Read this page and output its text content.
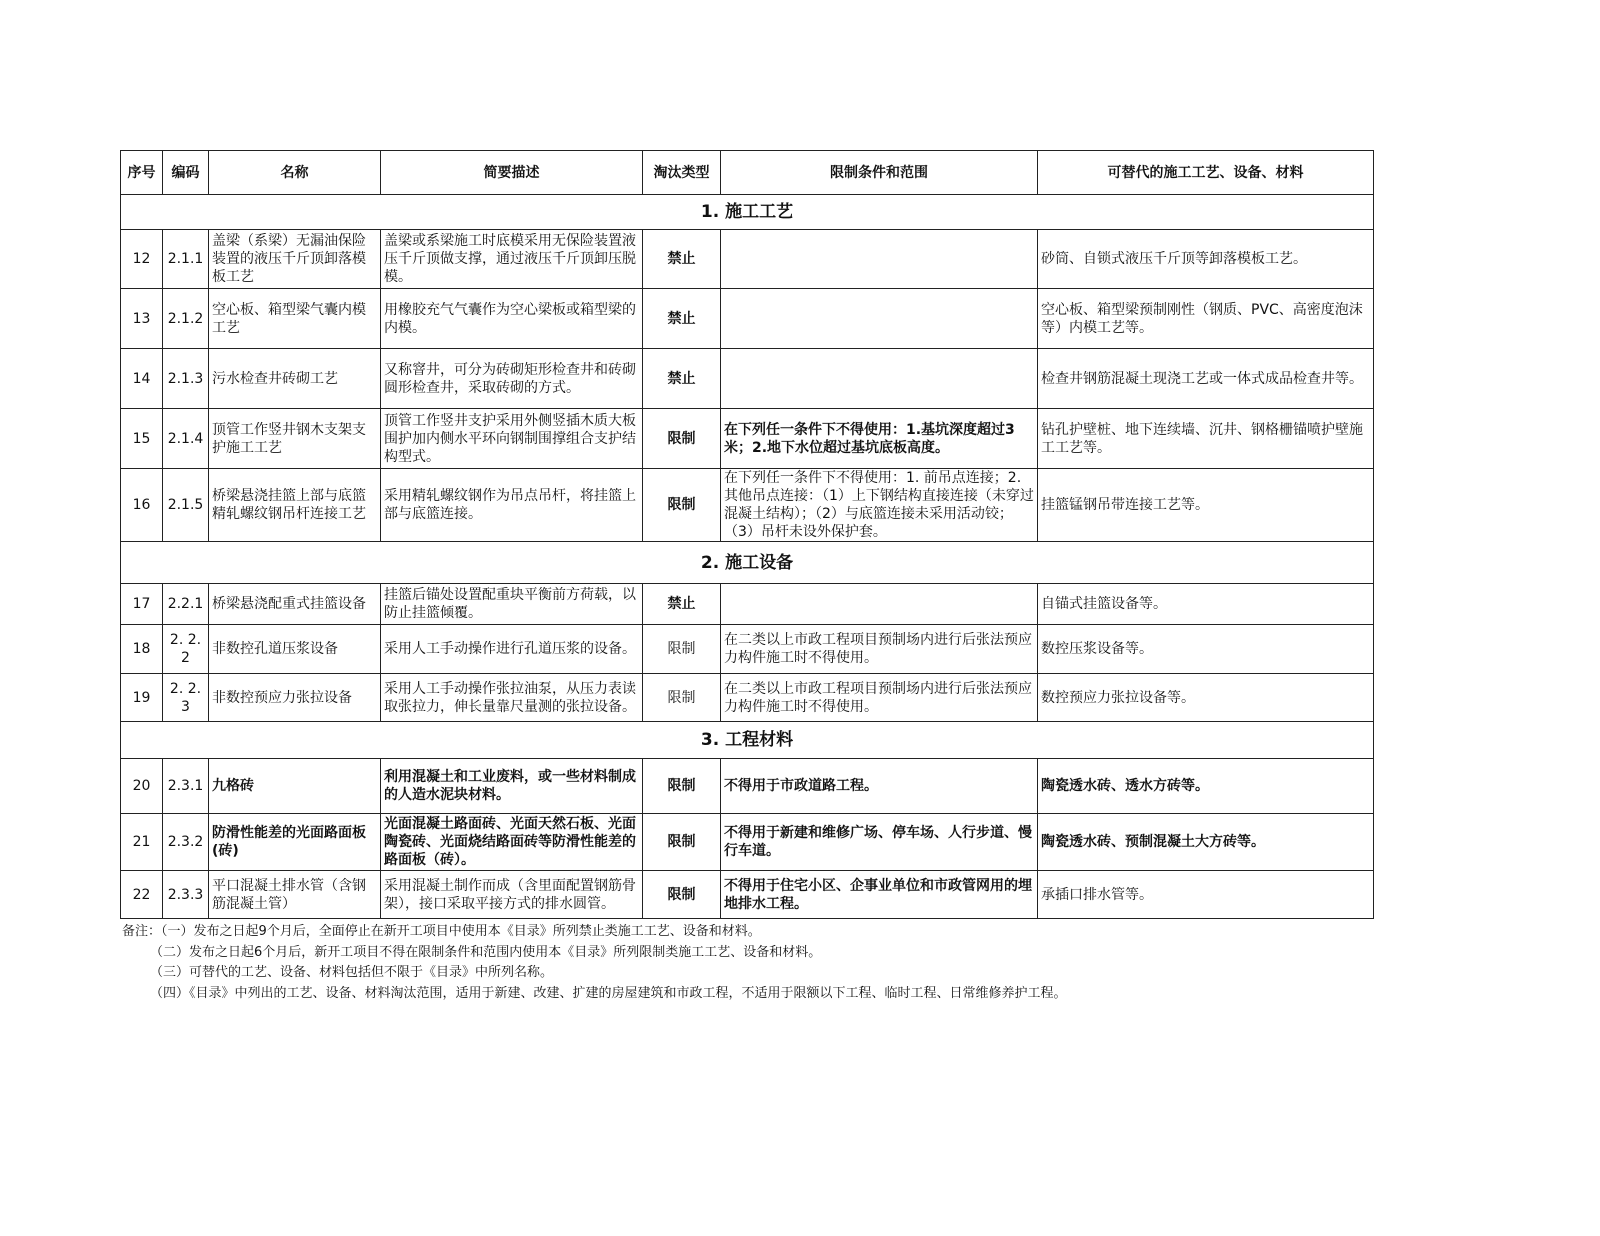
序号	编码	名称	简要描述	淘汰类型	限制条件和范围	可替代的施工工艺、设备、材料
1. 施工工艺						
12	2.1.1	盖梁（系梁）无漏油保险装置的液压千斤顶卸落模板工艺	盖梁或系梁施工时底模采用无保险装置液压千斤顶做支撑，通过液压千斤顶卸压脱模。	禁止		砂筒、自锁式液压千斤顶等卸落模板工艺。
13	2.1.2	空心板、箱型梁气囊内模工艺	用橡胶充气气囊作为空心梁板或箱型梁的内模。	禁止		空心板、箱型梁预制刚性（钢质、PVC、高密度泡沫等）内模工艺等。
14	2.1.3	污水检查井砖砌工艺	又称窨井，可分为砖砌矩形检查井和砖砌圆形检查井，采取砖砌的方式。	禁止		检查井钢筋混凝土现浇工艺或一体式成品检查井等。
15	2.1.4	顶管工作竖井钢木支架支护施工工艺	顶管工作竖井支护采用外侧竖插木质大板围护加内侧水平环向钢制围撑组合支护结构型式。	限制	在下列任一条件下不得使用：1.基坑深度超过3米；2.地下水位超过基坑底板高度。	钻孔护壁桩、地下连续墙、沉井、钢格栅锚喷护壁施工工艺等。
16	2.1.5	桥梁悬浇挂篮上部与底篮精轧螺纹钢吊杆连接工艺	采用精轧螺纹钢作为吊点吊杆，将挂篮上部与底篮连接。	限制	在下列任一条件下不得使用：1. 前吊点连接；2. 其他吊点连接：（1）上下钢结构直接连接（未穿过混凝土结构）；（2）与底篮连接未采用活动铰；（3）吊杆未设外保护套。	挂篮锰钢吊带连接工艺等。
2. 施工设备						
17	2.2.1	桥梁悬浇配重式挂篮设备	挂篮后锚处设置配重块平衡前方荷载，以防止挂篮倾覆。	禁止		自锚式挂篮设备等。
18	2. 2. 2	非数控孔道压浆设备	采用人工手动操作进行孔道压浆的设备。	限制	在二类以上市政工程项目预制场内进行后张法预应力构件施工时不得使用。	数控压浆设备等。
19	2. 2. 3	非数控预应力张拉设备	采用人工手动操作张拉油泵，从压力表读取张拉力，伸长量靠尺量测的张拉设备。	限制	在二类以上市政工程项目预制场内进行后张法预应力构件施工时不得使用。	数控预应力张拉设备等。
3. 工程材料						
20	2.3.1	九格砖	利用混凝土和工业废料，或一些材料制成的人造水泥块材料。	限制	不得用于市政道路工程。	陶瓷透水砖、透水方砖等。
21	2.3.2	防滑性能差的光面路面板(砖)	光面混凝土路面砖、光面天然石板、光面陶瓷砖、光面烧结路面砖等防滑性能差的路面板（砖）。	限制	不得用于新建和维修广场、停车场、人行步道、慢行车道。	陶瓷透水砖、预制混凝土大方砖等。
22	2.3.3	平口混凝土排水管（含钢筋混凝土管）	采用混凝土制作而成（含里面配置钢筋骨架），接口采取平接方式的排水圆管。	限制	不得用于住宅小区、企事业单位和市政管网用的埋地排水工程。	承插口排水管等。
备注：（一）发布之日起9个月后，全面停止在新开工项目中使用本《目录》所列禁止类施工工艺、设备和材料。
（二）发布之日起6个月后，新开工项目不得在限制条件和范围内使用本《目录》所列限制类施工工艺、设备和材料。
（三）可替代的工艺、设备、材料包括但不限于《目录》中所列名称。
（四）《目录》中列出的工艺、设备、材料淘汰范围，适用于新建、改建、扩建的房屋建筑和市政工程，不适用于限额以下工程、临时工程、日常维修养护工程。
